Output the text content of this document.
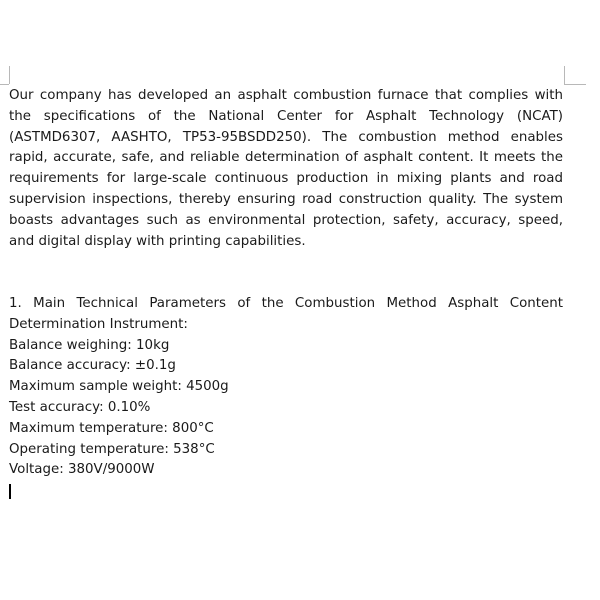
Our company has developed an asphalt combustion furnace that complies with the specifications of the National Center for Asphalt Technology (NCAT) (ASTMD6307, AASHTO, TP53-95BSDD250). The combustion method enables rapid, accurate, safe, and reliable determination of asphalt content. It meets the requirements for large-scale continuous production in mixing plants and road supervision inspections, thereby ensuring road construction quality. The system boasts advantages such as environmental protection, safety, accuracy, speed, and digital display with printing capabilities.

1. Main Technical Parameters of the Combustion Method Asphalt Content Determination Instrument:

Balance weighing: 10kg

Balance accuracy: ±0.1g

Maximum sample weight: 4500g

Test accuracy: 0.10%

Maximum temperature: 800°C

Operating temperature: 538°C

Voltage: 380V/9000W
